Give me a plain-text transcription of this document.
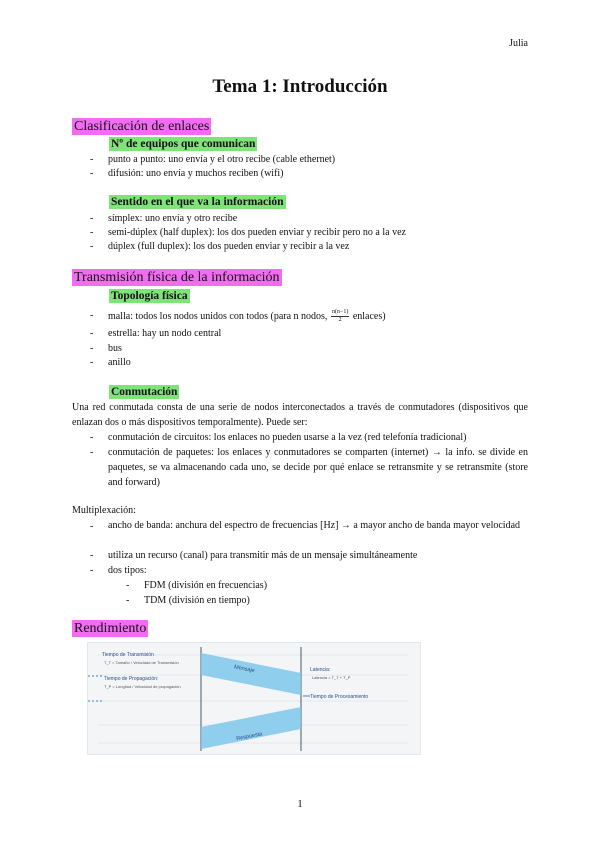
Julia
Tema 1: Introducción
Clasificación de enlaces
Nº de equipos que comunican
- punto a punto: uno envía y el otro recibe (cable ethernet)
- difusión: uno envía y muchos reciben (wifi)
Sentido en el que va la información
- símplex: uno envía y otro recibe
- semi-dúplex (half duplex): los dos pueden enviar y recibir pero no a la vez
- dúplex (full duplex): los dos pueden enviar y recibir a la vez
Transmisión física de la información
Topología física
- malla: todos los nodos unidos con todos (para n nodos, $\frac{n(n-1)}{2}$ enlaces)
- estrella: hay un nodo central
- bus
- anillo
Conmutación
Una red conmutada consta de una serie de nodos interconectados a través de conmutadores (dispositivos que enlazan dos o más dispositivos temporalmente). Puede ser:
- conmutación de circuitos: los enlaces no pueden usarse a la vez (red telefonía tradicional)
- conmutación de paquetes: los enlaces y conmutadores se comparten (internet) → la info. se divide en paquetes, se va almacenando cada uno, se decide por qué enlace se retransmite y se retransmite (store and forward)
Multiplexación:
- ancho de banda: anchura del espectro de frecuencias [Hz] → a mayor ancho de banda mayor velocidad
- utiliza un recurso (canal) para transmitir más de un mensaje simultáneamente
- dos tipos:
- FDM (división en frecuencias)
- TDM (división en tiempo)
Rendimiento
Tiempo de Transmisión
T_T = Tamaño / Velocidad de Transmisión
Tiempo de Propagación:
T_P = Longitud / Velocidad de propagación
Mensaje
Respuesta
Latencia:
Latencia = T_T + T_P
Tiempo de Procesamiento
1
